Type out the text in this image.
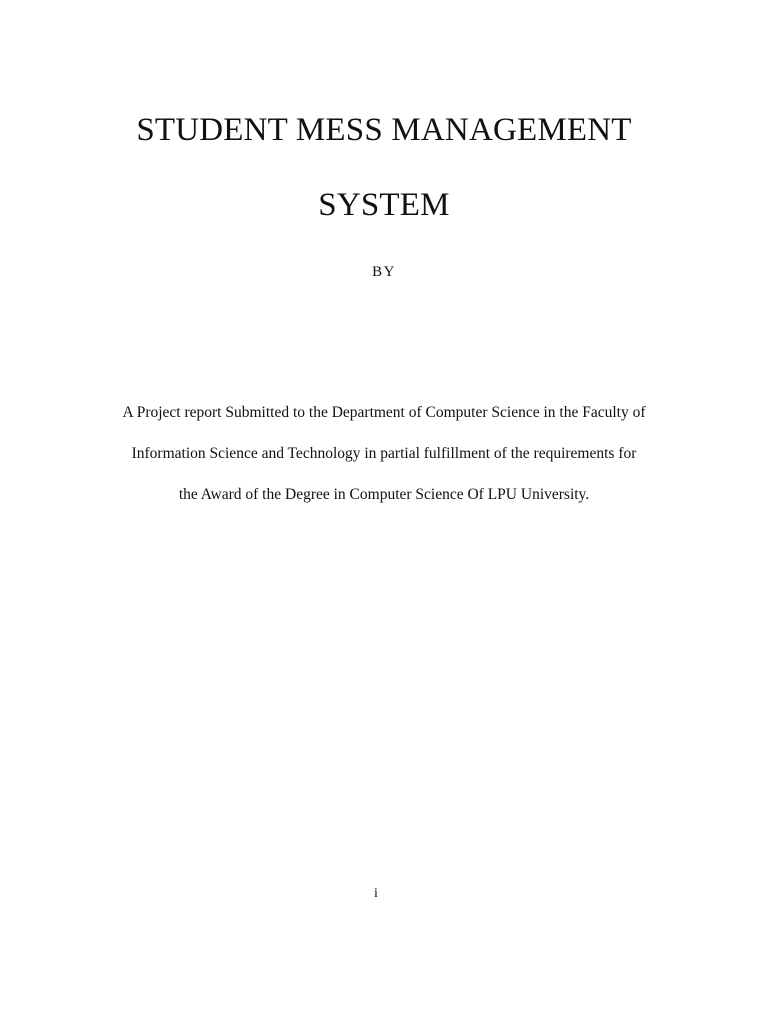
STUDENT MESS MANAGEMENT
SYSTEM
BY
A Project report Submitted to the Department of Computer Science in the Faculty of
Information Science and Technology in partial fulfillment of the requirements for
the Award of the Degree in Computer Science Of LPU University.
i
